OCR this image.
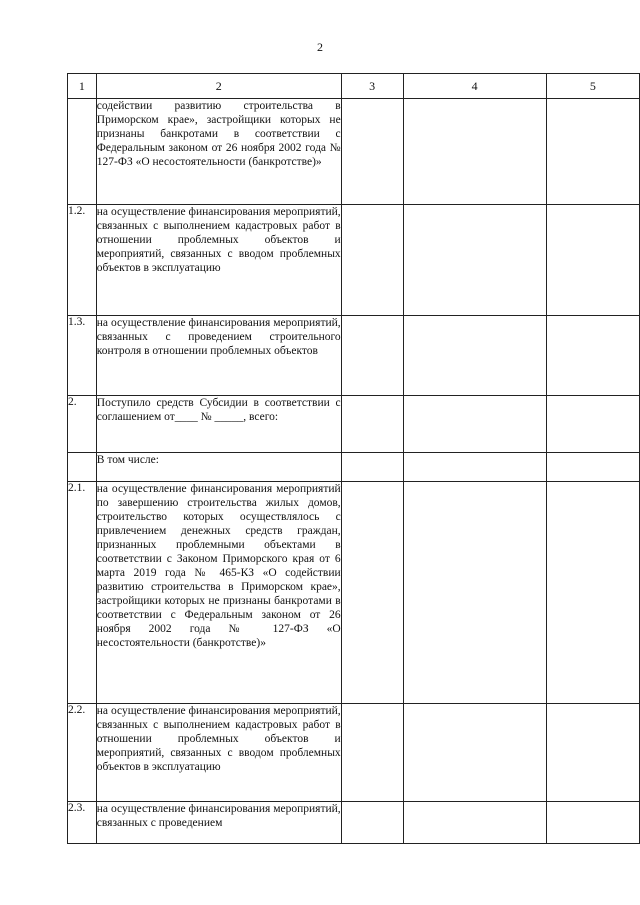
2
1	2	3	4	5
	содействии развитию строительства в Приморском крае», застройщики которых не признаны банкротами в соответствии с Федеральным законом от 26 ноября 2002 года № 127-ФЗ «О несостоятельности (банкротстве)»			
1.2.	на осуществление финансирования мероприятий, связанных с выполнением кадастровых работ в отношении проблемных объектов и мероприятий, связанных с вводом проблемных объектов в эксплуатацию			
1.3.	на осуществление финансирования мероприятий, связанных с проведением строительного контроля в отношении проблемных объектов			
2.	Поступило средств Субсидии в соответствии с соглашением от____ № _____, всего:			
	В том числе:			
2.1.	на осуществление финансирования мероприятий по завершению строительства жилых домов, строительство которых осуществлялось с привлечением денежных средств граждан, признанных проблемными объектами в соответствии с Законом Приморского края от 6 марта 2019 года № 465-КЗ «О содействии развитию строительства в Приморском крае», застройщики которых не признаны банкротами в соответствии с Федеральным законом от 26 ноября 2002 года № 127-ФЗ «О несостоятельности (банкротстве)»			
2.2.	на осуществление финансирования мероприятий, связанных с выполнением кадастровых работ в отношении проблемных объектов и мероприятий, связанных с вводом проблемных объектов в эксплуатацию			
2.3.	на осуществление финансирования мероприятий, связанных с проведением			
